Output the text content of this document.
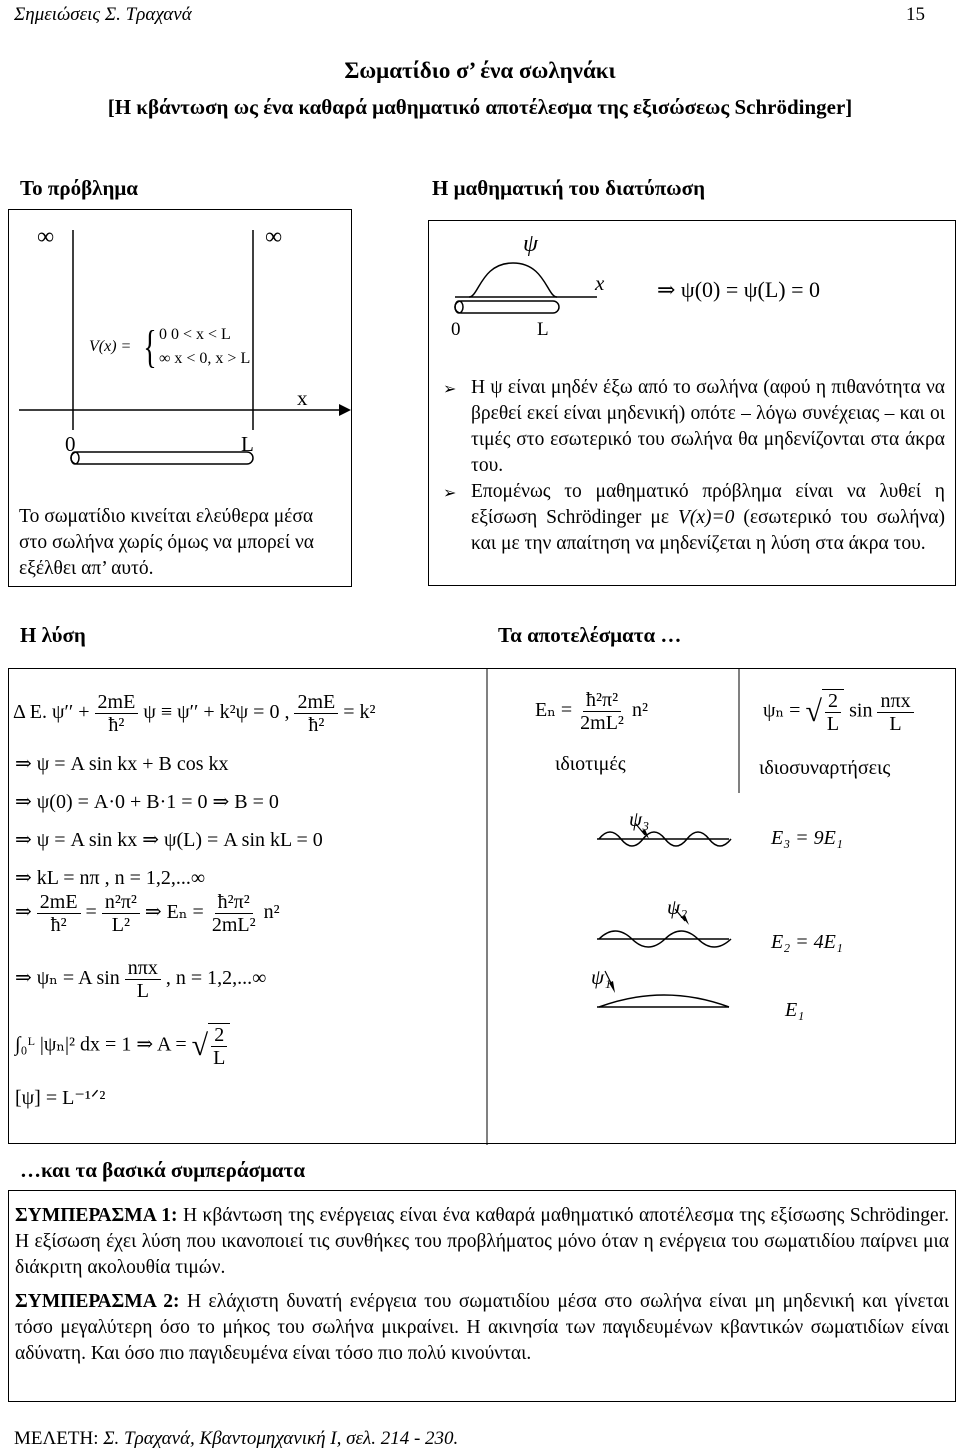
Σημειώσεις Σ. Τραχανά	15
Σωματίδιο σ’ ένα σωληνάκι
[Η κβάντωση ως ένα καθαρά μαθηματικό αποτέλεσμα της εξισώσεως Schrödinger]
Το πρόβλημα	Η μαθηματική του διατύπωση
∞	∞
V(x) = { 0 0 < x < L
∞ x < 0, x > L
x
0	L
Το σωματίδιο κινείται ελεύθερα μέσα στο σωλήνα χωρίς όμως να μπορεί να εξέλθει απ’ αυτό.
ψ
x
0	L
⇒ ψ(0) = ψ(L) = 0
➢ Η ψ είναι μηδέν έξω από το σωλήνα (αφού η πιθανότητα να βρεθεί εκεί είναι μηδενική) οπότε – λόγω συνέχειας – και οι τιμές στο εσωτερικό του σωλήνα θα μηδενίζονται στα άκρα του.
➢ Επομένως το μαθηματικό πρόβλημα είναι να λυθεί η εξίσωση Schrödinger με V(x)=0 (εσωτερικό του σωλήνα) και με την απαίτηση να μηδενίζεται η λύση στα άκρα του.
Η λύση	Τα αποτελέσματα …
Δ Ε. $\psi'' + \frac{2mE}{\text{ħ²}}$ ψ ≡ ψ′′ + k²ψ = 0 , $\frac{2mE}{\text{ħ²}} = k^2$
⇒ ψ = A sin kx + B cos kx
⇒ ψ(0) = A·0 + B·1 = 0 ⇒ B = 0
⇒ ψ = A sin kx ⇒ ψ(L) = A sin kL = 0
⇒ kL = nπ , n = 1,2,...∞
⇒ $\frac{2mE}{\text{ħ²}} = \frac{\text{n²π²}}{\text{L²}}$ ⇒ $E_n = \frac{\text{ħ²π²}}{\text{2mL²}} n^2$
⇒ ψₙ = A $\sin \frac{\text{nπx}}{L}$ , n = 1,2,...∞
∫₀ᴸ |ψₙ|² dx = 1 ⇒ A = √ $\frac{2}{L}$
[ψ] = L⁻¹ᐟ²
$E_n = \frac{\text{ħ²π²}}{\text{2mL²}} n^2$
ιδιοτιμές
ψₙ = √ $\frac{2}{L}$ $\sin \frac{\text{nπx}}{L}$
ιδιοσυναρτήσεις
ψ₃
ψ₂
ψ₁
E₃ = 9E₁
E₂ = 4E₁
E₁
…και τα βασικά συμπεράσματα
ΣΥΜΠΕΡΑΣΜΑ 1: Η κβάντωση της ενέργειας είναι ένα καθαρά μαθηματικό αποτέλεσμα της εξίσωσης Schrödinger. Η εξίσωση έχει λύση που ικανοποιεί τις συνθήκες του προβλήματος μόνο όταν η ενέργεια του σωματιδίου παίρνει μια διάκριτη ακολουθία τιμών.
ΣΥΜΠΕΡΑΣΜΑ 2: Η ελάχιστη δυνατή ενέργεια του σωματιδίου μέσα στο σωλήνα είναι μη μηδενική και γίνεται τόσο μεγαλύτερη όσο το μήκος του σωλήνα μικραίνει. Η ακινησία των παγιδευμένων κβαντικών σωματιδίων είναι αδύνατη. Και όσο πιο παγιδευμένα είναι τόσο πιο πολύ κινούνται.
ΜΕΛΕΤΗ: Σ. Τραχανά, Κβαντομηχανική Ι, σελ. 214 - 230.
